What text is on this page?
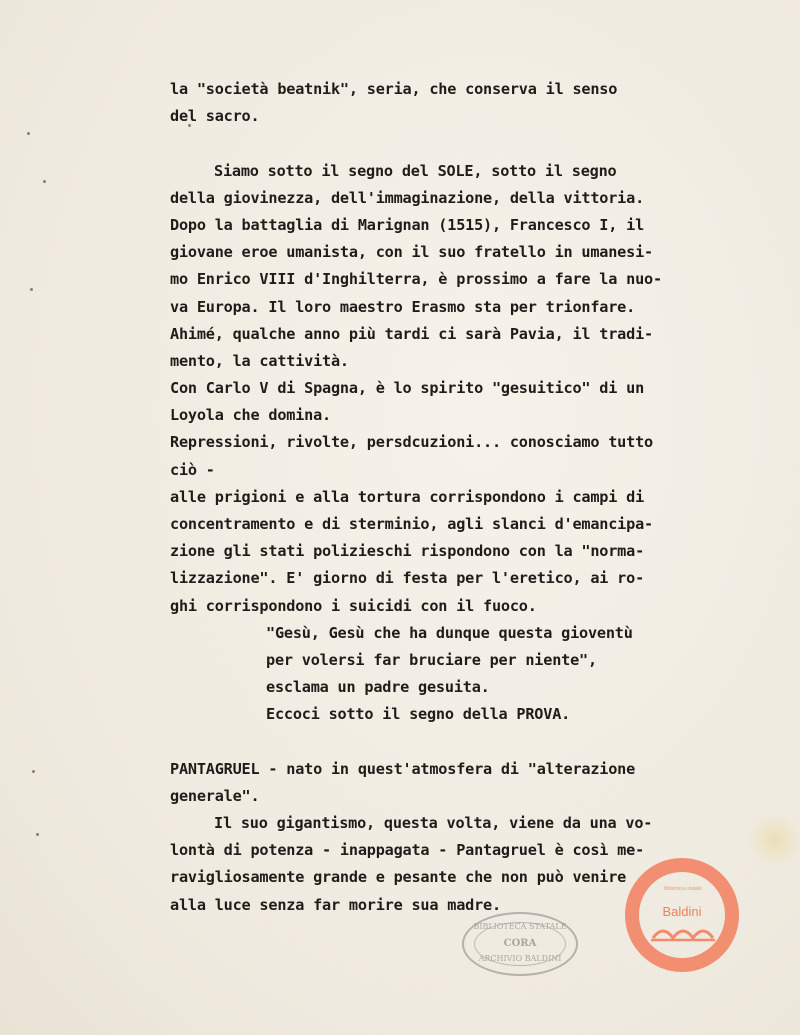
la "società beatnik", seria, che conserva il senso
del sacro.
Siamo sotto il segno del SOLE, sotto il segno
della giovinezza, dell'immaginazione, della vittoria.
Dopo la battaglia di Marignan (1515), Francesco I, il
giovane eroe umanista, con il suo fratello in umanesi-
mo Enrico VIII d'Inghilterra, è prossimo a fare la nuo-
va Europa. Il loro maestro Erasmo sta per trionfare.
Ahimé, qualche anno più tardi ci sarà Pavia, il tradi-
mento, la cattività.
Con Carlo V di Spagna, è lo spirito "gesuitico" di un
Loyola che domina.
Repressioni, rivolte, persdcuzioni... conosciamo tutto
ciò -
alle prigioni e alla tortura corrispondono i campi di
concentramento e di sterminio, agli slanci d'emancipa-
zione gli stati polizieschi rispondono con la "norma-
lizzazione". E' giorno di festa per l'eretico, ai ro-
ghi corrispondono i suicidi con il fuoco.
"Gesù, Gesù che ha dunque questa gioventù
per volersi far bruciare per niente",
esclama un padre gesuita.
Eccoci sotto il segno della PROVA.
PANTAGRUEL - nato in quest'atmosfera di "alterazione
generale".
Il suo gigantismo, questa volta, viene da una vo-
lontà di potenza - inappagata - Pantagruel è così me-
ravigliosamente grande e pesante che non può venire
alla luce senza far morire sua madre.
BIBLIOTECA STATALE
CORA
ARCHIVIO BALDINI
Biblioteca statale
Baldini
